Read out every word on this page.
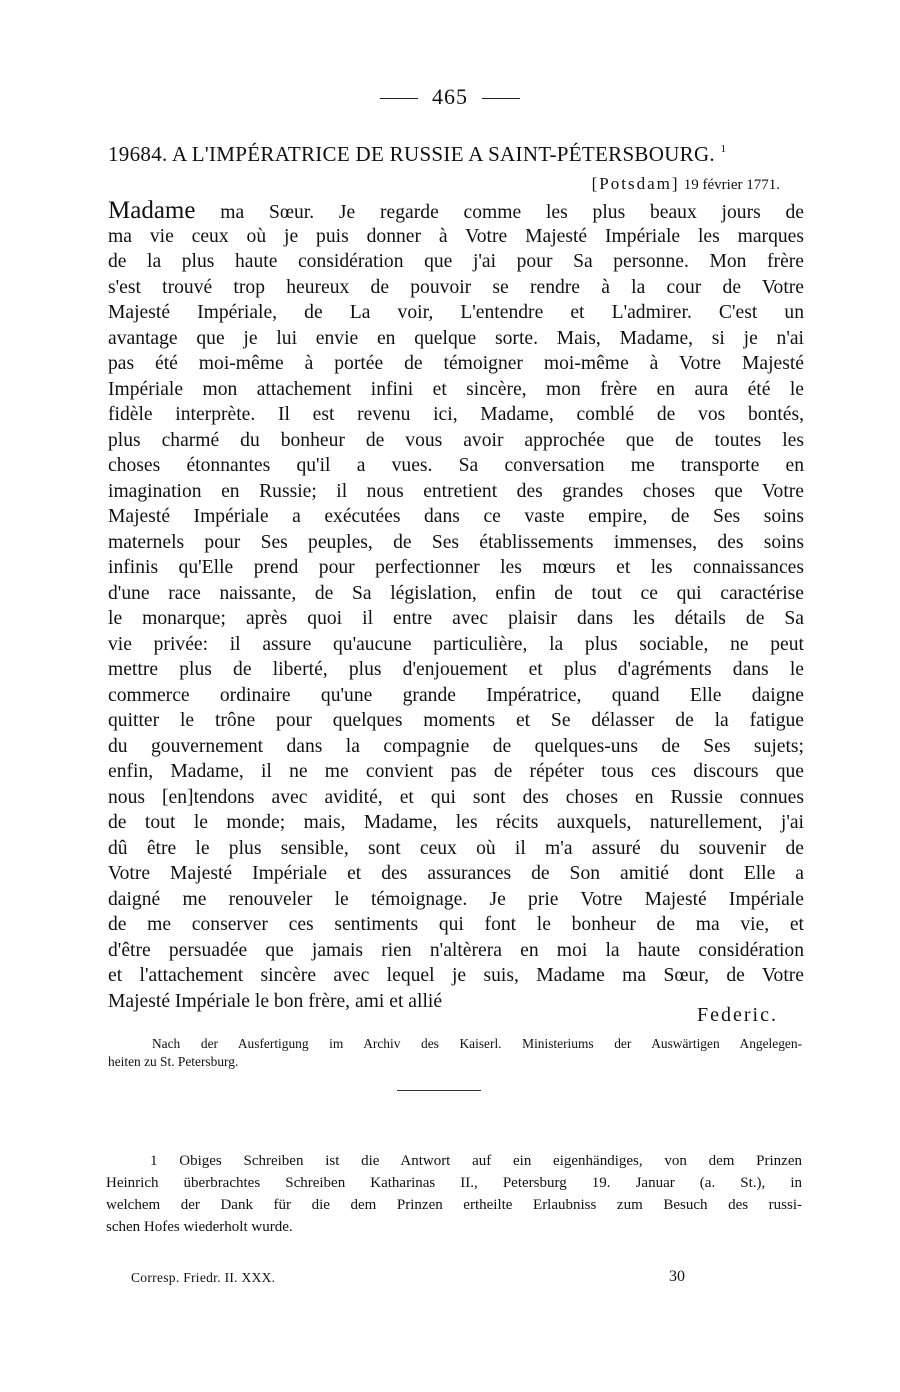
465
19684. A L'IMPÉRATRICE DE RUSSIE A SAINT-PÉTERSBOURG. $^1$
[Potsdam] 19 février 1771.
Madame ma Sœur. Je regarde comme les plus beaux jours de
ma vie ceux où je puis donner à Votre Majesté Impériale les marques
de la plus haute considération que j'ai pour Sa personne. Mon frère
s'est trouvé trop heureux de pouvoir se rendre à la cour de Votre
Majesté Impériale, de La voir, L'entendre et L'admirer. C'est un
avantage que je lui envie en quelque sorte. Mais, Madame, si je n'ai
pas été moi-même à portée de témoigner moi-même à Votre Majesté
Impériale mon attachement infini et sincère, mon frère en aura été le
fidèle interprète. Il est revenu ici, Madame, comblé de vos bontés,
plus charmé du bonheur de vous avoir approchée que de toutes les
choses étonnantes qu'il a vues. Sa conversation me transporte en
imagination en Russie; il nous entretient des grandes choses que Votre
Majesté Impériale a exécutées dans ce vaste empire, de Ses soins
maternels pour Ses peuples, de Ses établissements immenses, des soins
infinis qu'Elle prend pour perfectionner les mœurs et les connaissances
d'une race naissante, de Sa législation, enfin de tout ce qui caractérise
le monarque; après quoi il entre avec plaisir dans les détails de Sa
vie privée: il assure qu'aucune particulière, la plus sociable, ne peut
mettre plus de liberté, plus d'enjouement et plus d'agréments dans le
commerce ordinaire qu'une grande Impératrice, quand Elle daigne
quitter le trône pour quelques moments et Se délasser de la fatigue
du gouvernement dans la compagnie de quelques-uns de Ses sujets;
enfin, Madame, il ne me convient pas de répéter tous ces discours que
nous [en]tendons avec avidité, et qui sont des choses en Russie connues
de tout le monde; mais, Madame, les récits auxquels, naturellement, j'ai
dû être le plus sensible, sont ceux où il m'a assuré du souvenir de
Votre Majesté Impériale et des assurances de Son amitié dont Elle a
daigné me renouveler le témoignage. Je prie Votre Majesté Impériale
de me conserver ces sentiments qui font le bonheur de ma vie, et
d'être persuadée que jamais rien n'altèrera en moi la haute considération
et l'attachement sincère avec lequel je suis, Madame ma Sœur, de Votre
Majesté Impériale le bon frère, ami et allié
Federic.
Nach der Ausfertigung im Archiv des Kaiserl. Ministeriums der Auswärtigen Angelegen-
heiten zu St. Petersburg.
1 Obiges Schreiben ist die Antwort auf ein eigenhändiges, von dem Prinzen
Heinrich überbrachtes Schreiben Katharinas II., Petersburg 19. Januar (a. St.), in
welchem der Dank für die dem Prinzen ertheilte Erlaubniss zum Besuch des russi-
schen Hofes wiederholt wurde.
Corresp. Friedr. II. XXX.	30
